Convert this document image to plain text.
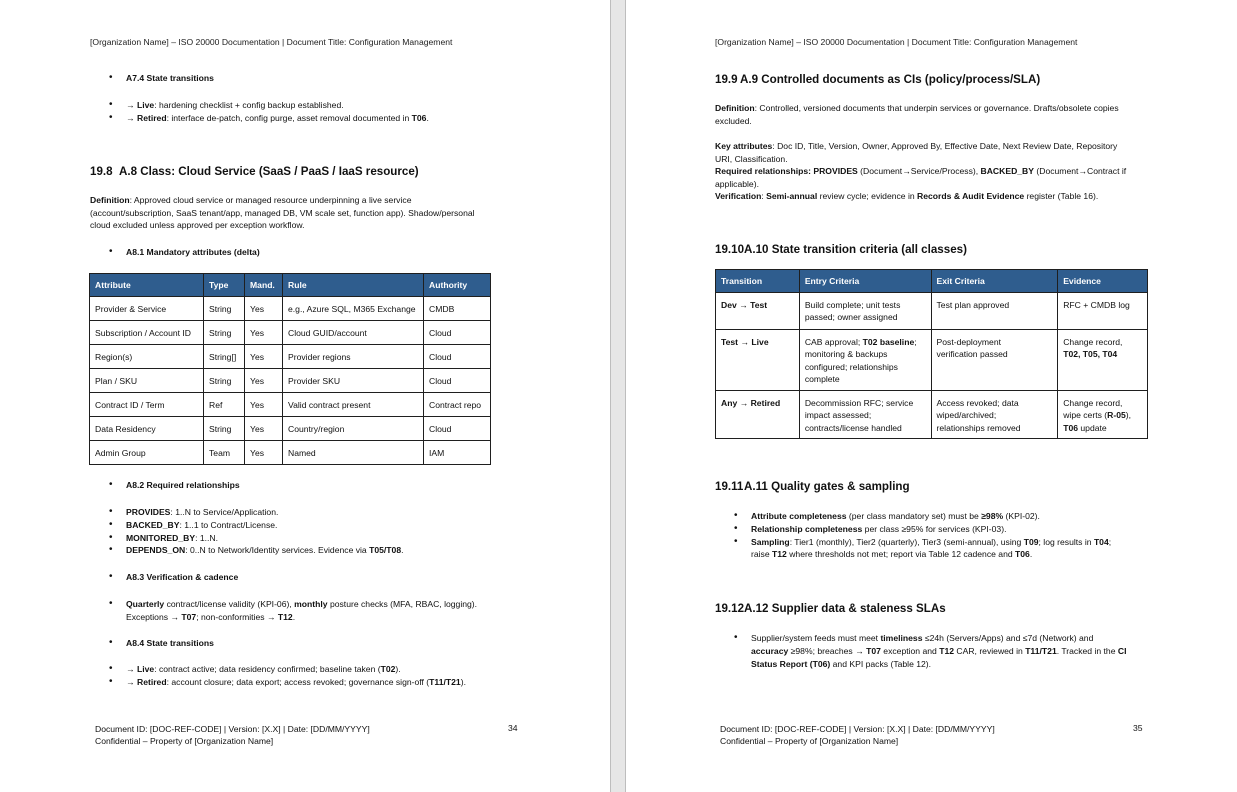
[Organization Name] – ISO 20000 Documentation | Document Title: Configuration Management
• A7.4 State transitions
• → Live: hardening checklist + config backup established.
• → Retired: interface de-patch, config purge, asset removal documented in T06.
19.8 A.8 Class: Cloud Service (SaaS / PaaS / IaaS resource)
Definition: Approved cloud service or managed resource underpinning a live service
(account/subscription, SaaS tenant/app, managed DB, VM scale set, function app). Shadow/personal
cloud excluded unless approved per exception workflow.
• A8.1 Mandatory attributes (delta)
Attribute	Type	Mand.	Rule	Authority
Provider & Service	String	Yes	e.g., Azure SQL, M365 Exchange	CMDB
Subscription / Account ID	String	Yes	Cloud GUID/account	Cloud
Region(s)	String[]	Yes	Provider regions	Cloud
Plan / SKU	String	Yes	Provider SKU	Cloud
Contract ID / Term	Ref	Yes	Valid contract present	Contract repo
Data Residency	String	Yes	Country/region	Cloud
Admin Group	Team	Yes	Named	IAM
• A8.2 Required relationships
• PROVIDES: 1..N to Service/Application.
• BACKED_BY: 1..1 to Contract/License.
• MONITORED_BY: 1..N.
• DEPENDS_ON: 0..N to Network/Identity services. Evidence via T05/T08.
• A8.3 Verification & cadence
• Quarterly contract/license validity (KPI-06), monthly posture checks (MFA, RBAC, logging).
Exceptions → T07; non-conformities → T12.
• A8.4 State transitions
• → Live: contract active; data residency confirmed; baseline taken (T02).
• → Retired: account closure; data export; access revoked; governance sign-off (T11/T21).
Document ID: [DOC-REF-CODE] | Version: [X.X] | Date: [DD/MM/YYYY]
Confidential – Property of [Organization Name]
34
[Organization Name] – ISO 20000 Documentation | Document Title: Configuration Management
19.9 A.9 Controlled documents as CIs (policy/process/SLA)
Definition: Controlled, versioned documents that underpin services or governance. Drafts/obsolete copies
excluded.
Key attributes: Doc ID, Title, Version, Owner, Approved By, Effective Date, Next Review Date, Repository
URI, Classification.
Required relationships: PROVIDES (Document→Service/Process), BACKED_BY (Document→Contract if
applicable).
Verification: Semi-annual review cycle; evidence in Records & Audit Evidence register (Table 16).
19.10A.10 State transition criteria (all classes)
Transition	Entry Criteria	Exit Criteria	Evidence
Dev → Test	Build complete; unit tests
passed; owner assigned	Test plan approved	RFC + CMDB log
Test → Live	CAB approval; T02 baseline;
monitoring & backups
configured; relationships
complete	Post-deployment
verification passed	Change record,
T02, T05, T04
Any → Retired	Decommission RFC; service
impact assessed;
contracts/license handled	Access revoked; data
wiped/archived;
relationships removed	Change record,
wipe certs (R-05),
T06 update
19.11A.11 Quality gates & sampling
• Attribute completeness (per class mandatory set) must be ≥98% (KPI-02).
• Relationship completeness per class ≥95% for services (KPI-03).
• Sampling: Tier1 (monthly), Tier2 (quarterly), Tier3 (semi-annual), using T09; log results in T04;
raise T12 where thresholds not met; report via Table 12 cadence and T06.
19.12A.12 Supplier data & staleness SLAs
• Supplier/system feeds must meet timeliness ≤24h (Servers/Apps) and ≤7d (Network) and
accuracy ≥98%; breaches → T07 exception and T12 CAR, reviewed in T11/T21. Tracked in the CI
Status Report (T06) and KPI packs (Table 12).
Document ID: [DOC-REF-CODE] | Version: [X.X] | Date: [DD/MM/YYYY]
Confidential – Property of [Organization Name]
35
